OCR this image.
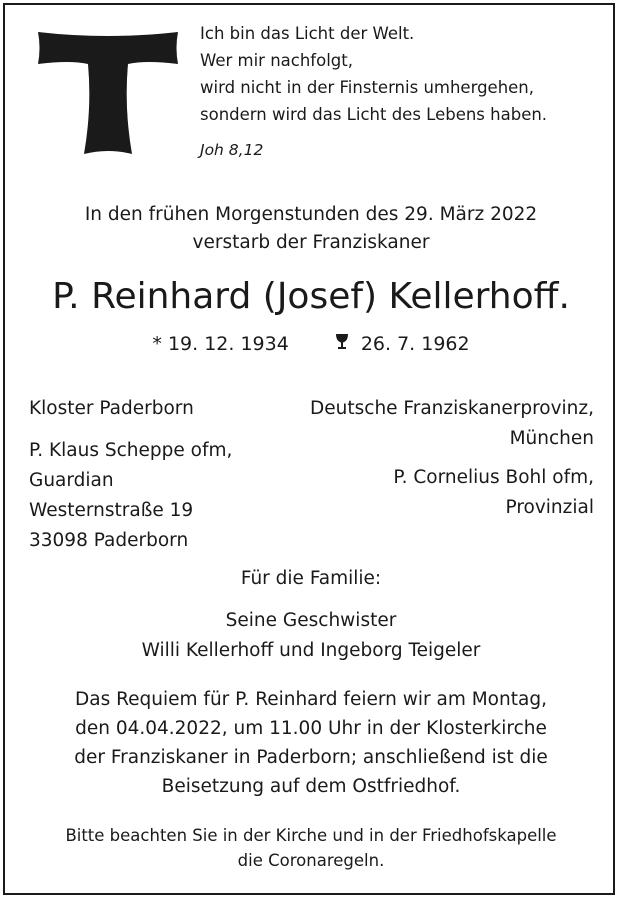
Ich bin das Licht der Welt.
Wer mir nachfolgt,
wird nicht in der Finsternis umhergehen,
sondern wird das Licht des Lebens haben.
Joh 8,12
In den frühen Morgenstunden des 29. März 2022
verstarb der Franziskaner
P. Reinhard (Josef) Kellerhoff.
* 19. 12. 1934	26. 7. 1962
Kloster Paderborn
P. Klaus Scheppe ofm,
Guardian
Westernstraße 19
33098 Paderborn
Deutsche Franziskanerprovinz,
München
P. Cornelius Bohl ofm,
Provinzial
Für die Familie:
Seine Geschwister
Willi Kellerhoff und Ingeborg Teigeler
Das Requiem für P. Reinhard feiern wir am Montag,
den 04.04.2022, um 11.00 Uhr in der Klosterkirche
der Franziskaner in Paderborn; anschließend ist die
Beisetzung auf dem Ostfriedhof.
Bitte beachten Sie in der Kirche und in der Friedhofskapelle
die Coronaregeln.
